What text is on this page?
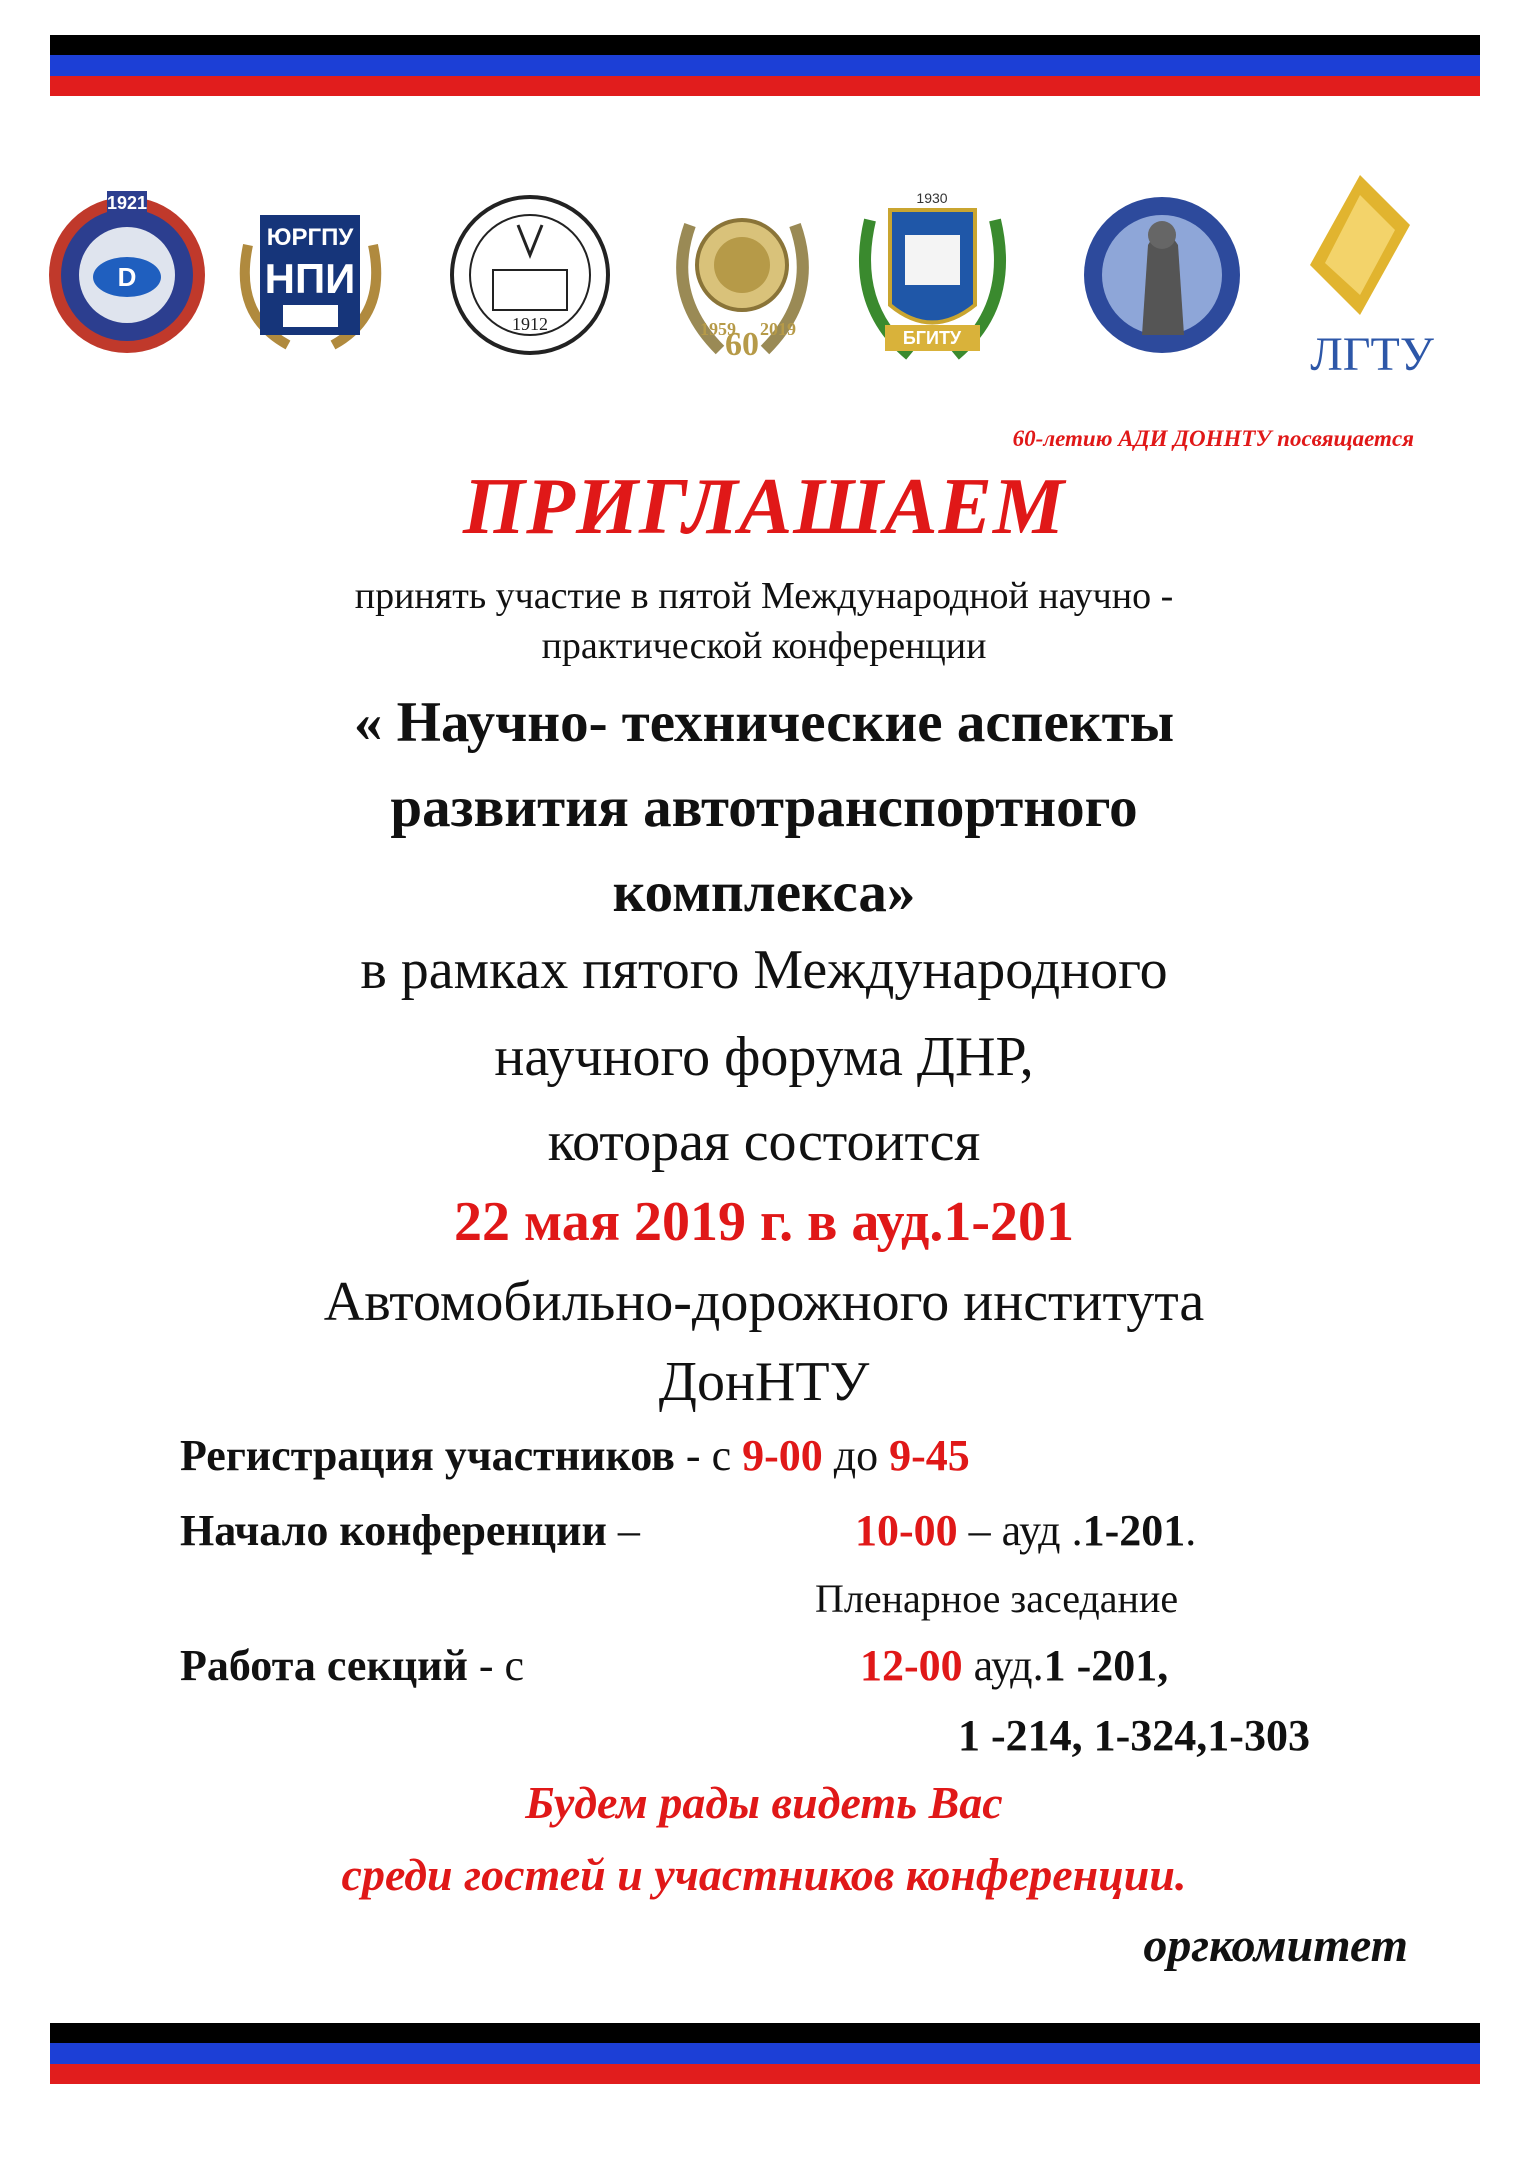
1921
D
ЮРГПУ
НПИ
1912	1959
60 2019
1930
БГИТУ	ЛГТУ
60-летию АДИ ДОННТУ посвящается
ПРИГЛАШАЕМ
принять участие в пятой Международной научно -
практической конференции
« Научно- технические аспекты
развития автотранспортного
комплекса»
в рамках пятого Международного
научного форума ДНР,
которая состоится
22 мая 2019 г. в ауд.1-201
Автомобильно-дорожного института
ДонНТУ
Регистрация участников - с 9-00 до 9-45
Начало конференции –	10-00 – ауд .1-201.
Пленарное заседание
Работа секций - с	12-00 ауд.1 -201,
1 -214, 1-324,1-303
Будем рады видеть Вас
среди гостей и участников конференции.
оргкомитет
